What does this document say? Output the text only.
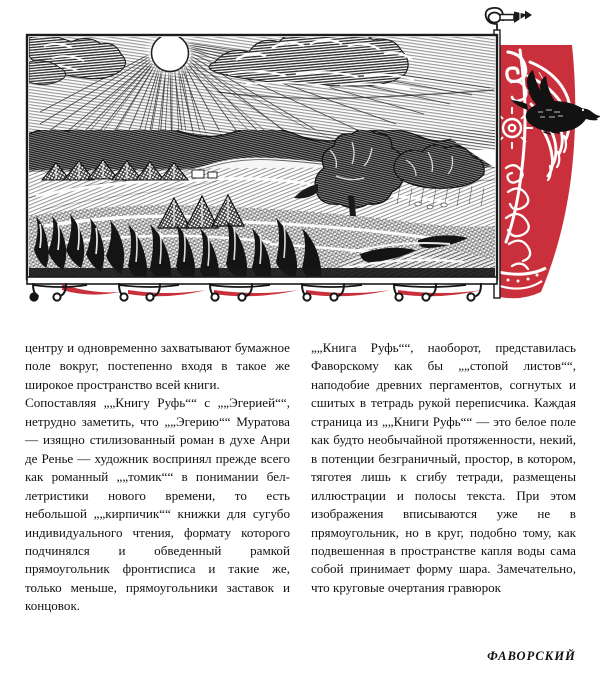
центру и одновременно захватывают бумажное поле вокруг, постепенно входя в такое же широкое пространство всей книги.

Сопоставляя „„Книгу Руфь““ с „„Эгерией““, нетрудно заметить, что „„Эгерию““ Муратова — изящно стилизованный роман в духе Анри де Ренье — художник воспринял прежде всего как романный „„томик““ в понимании беллетристики нового времени, то есть небольшой „„кирпичик““ книжки для сугубо индивидуального чтения, формату которого подчинялся и обведенный рамкой прямоугольник фронтисписа и такие же, только меньше, прямоугольники заставок и концовок.

„„Книга Руфь““, наоборот, представилась Фаворскому как бы „„стопой листов““, наподобие древних пергаментов, согнутых и сшитых в тетрадь рукой переписчика. Каждая страница из „„Книги Руфь““ — это белое поле как будто необычайной протяженности, некий, в потенции безграничный, простор, в котором, тяготея лишь к сгибу тетради, размещены иллюстрации и полосы текста. При этом изображения вписываются уже не в прямоугольник, но в круг, подобно тому, как подвешенная в пространстве капля воды сама собой принимает форму шара. Замечательно, что круговые очертания гравюрок

ФАВОРСКИЙ
